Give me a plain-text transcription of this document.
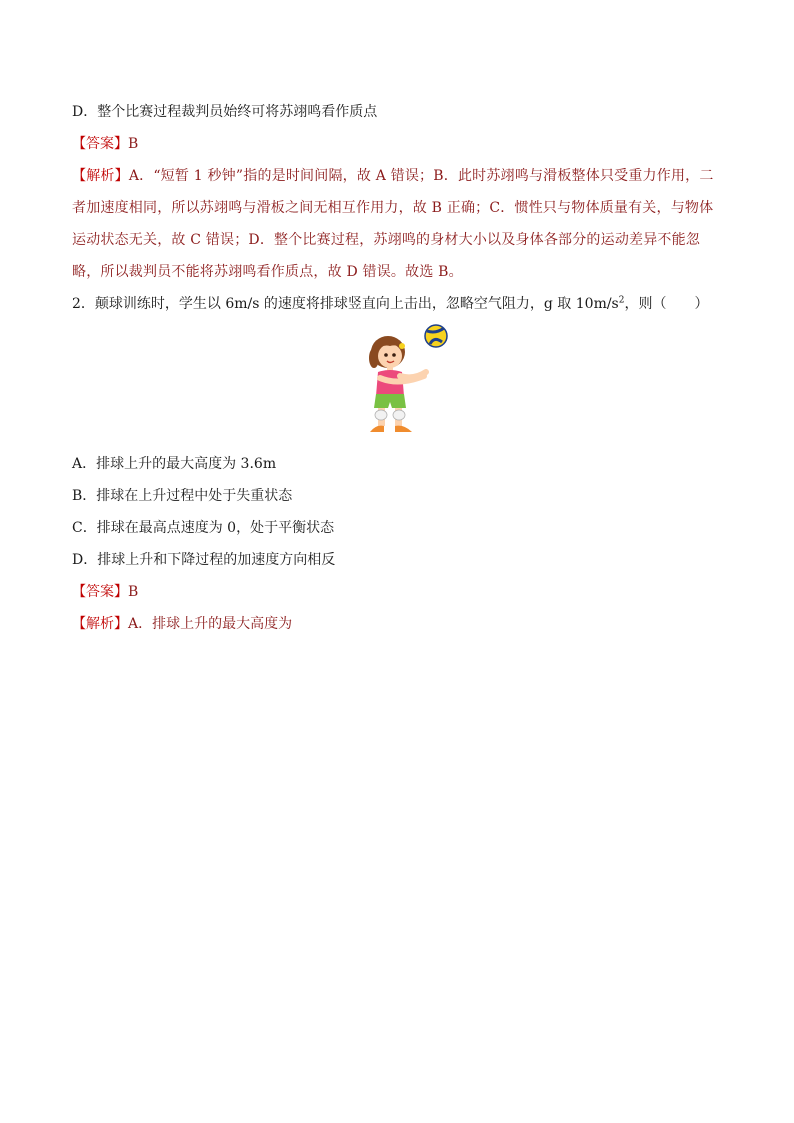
D．整个比赛过程裁判员始终可将苏翊鸣看作质点
【答案】B
【解析】A．“短暂 1 秒钟”指的是时间间隔，故 A 错误；B．此时苏翊鸣与滑板整体只受重力作用，二者加速度相同，所以苏翊鸣与滑板之间无相互作用力，故 B 正确；C．惯性只与物体质量有关，与物体运动状态无关，故 C 错误；D．整个比赛过程，苏翊鸣的身材大小以及身体各部分的运动差异不能忽略，所以裁判员不能将苏翊鸣看作质点，故 D 错误。故选 B。
2．颠球训练时，学生以 6m/s 的速度将排球竖直向上击出，忽略空气阻力，g 取 $10m/s^2$，则（　　）
A．排球上升的最大高度为 3.6m
B．排球在上升过程中处于失重状态
C．排球在最高点速度为 0，处于平衡状态
D．排球上升和下降过程的加速度方向相反
【答案】B
【解析】A．排球上升的最大高度为
